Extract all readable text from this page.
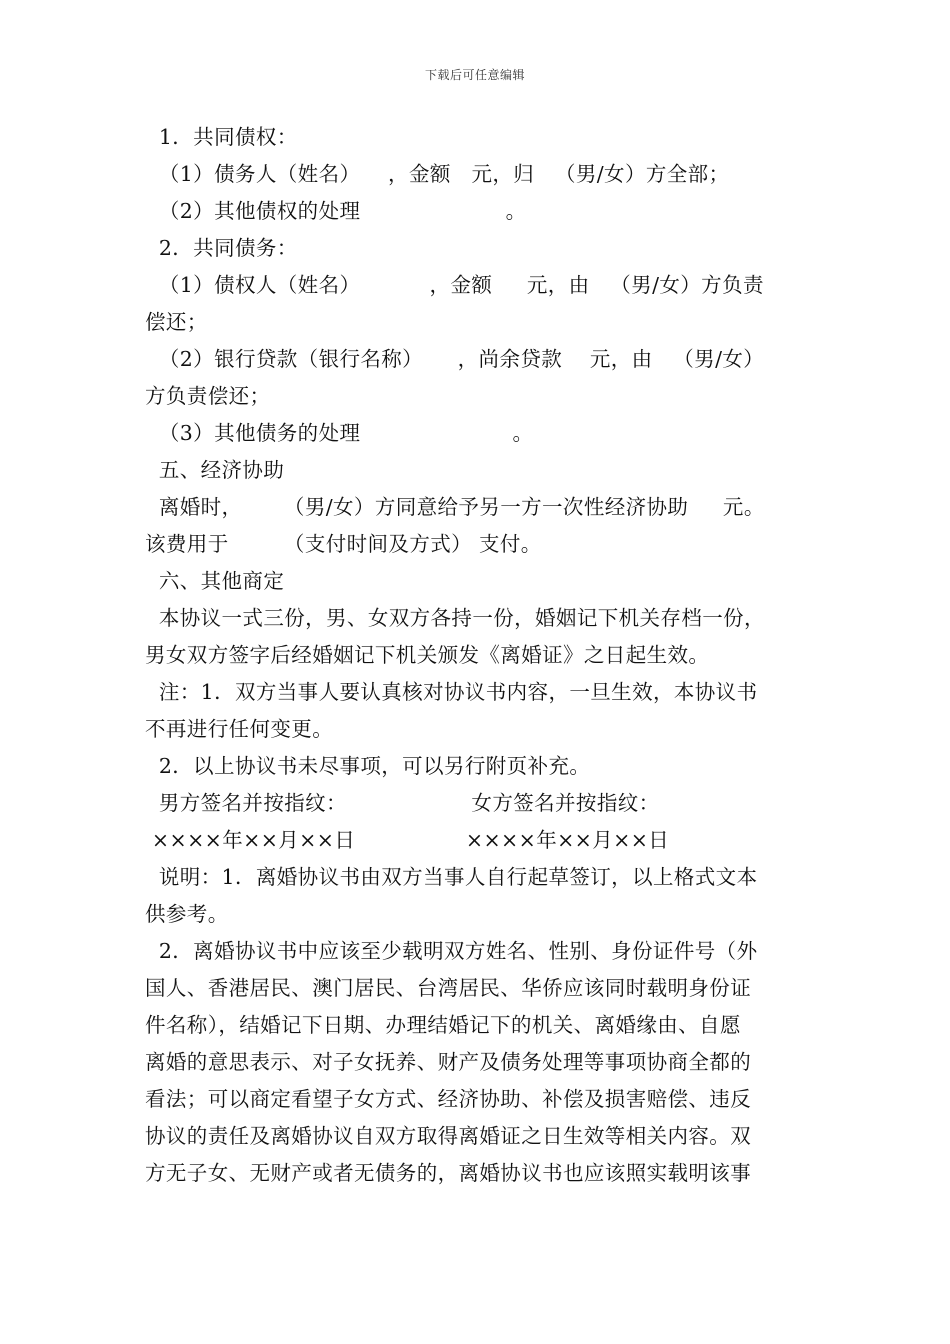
下载后可任意编辑
1．共同债权：
（1）债务人（姓名）    ，金额   元，归   （男/女）方全部；
（2）其他债权的处理                     。
2．共同债务：
（1）债权人（姓名）          ，金额     元，由   （男/女）方负责
偿还；
（2）银行贷款（银行名称）     ，尚余贷款    元，由   （男/女）
方负责偿还；
（3）其他债务的处理                      。
五、经济协助
离婚时，      （男/女）方同意给予另一方一次性经济协助     元。
该费用于        （支付时间及方式） 支付。
六、其他商定
本协议一式三份，男、女双方各持一份，婚姻记下机关存档一份，
男女双方签字后经婚姻记下机关颁发《离婚证》之日起生效。
注：1．双方当事人要认真核对协议书内容，一旦生效，本协议书
不再进行任何变更。
2．以上协议书未尽事项，可以另行附页补充。
男方签名并按指纹：                  女方签名并按指纹：
××××年××月××日                ××××年××月××日
说明：1．离婚协议书由双方当事人自行起草签订，以上格式文本
供参考。
2．离婚协议书中应该至少载明双方姓名、性别、身份证件号（外
国人、香港居民、澳门居民、台湾居民、华侨应该同时载明身份证
件名称），结婚记下日期、办理结婚记下的机关、离婚缘由、自愿
离婚的意思表示、对子女抚养、财产及债务处理等事项协商全都的
看法；可以商定看望子女方式、经济协助、补偿及损害赔偿、违反
协议的责任及离婚协议自双方取得离婚证之日生效等相关内容。双
方无子女、无财产或者无债务的，离婚协议书也应该照实载明该事
